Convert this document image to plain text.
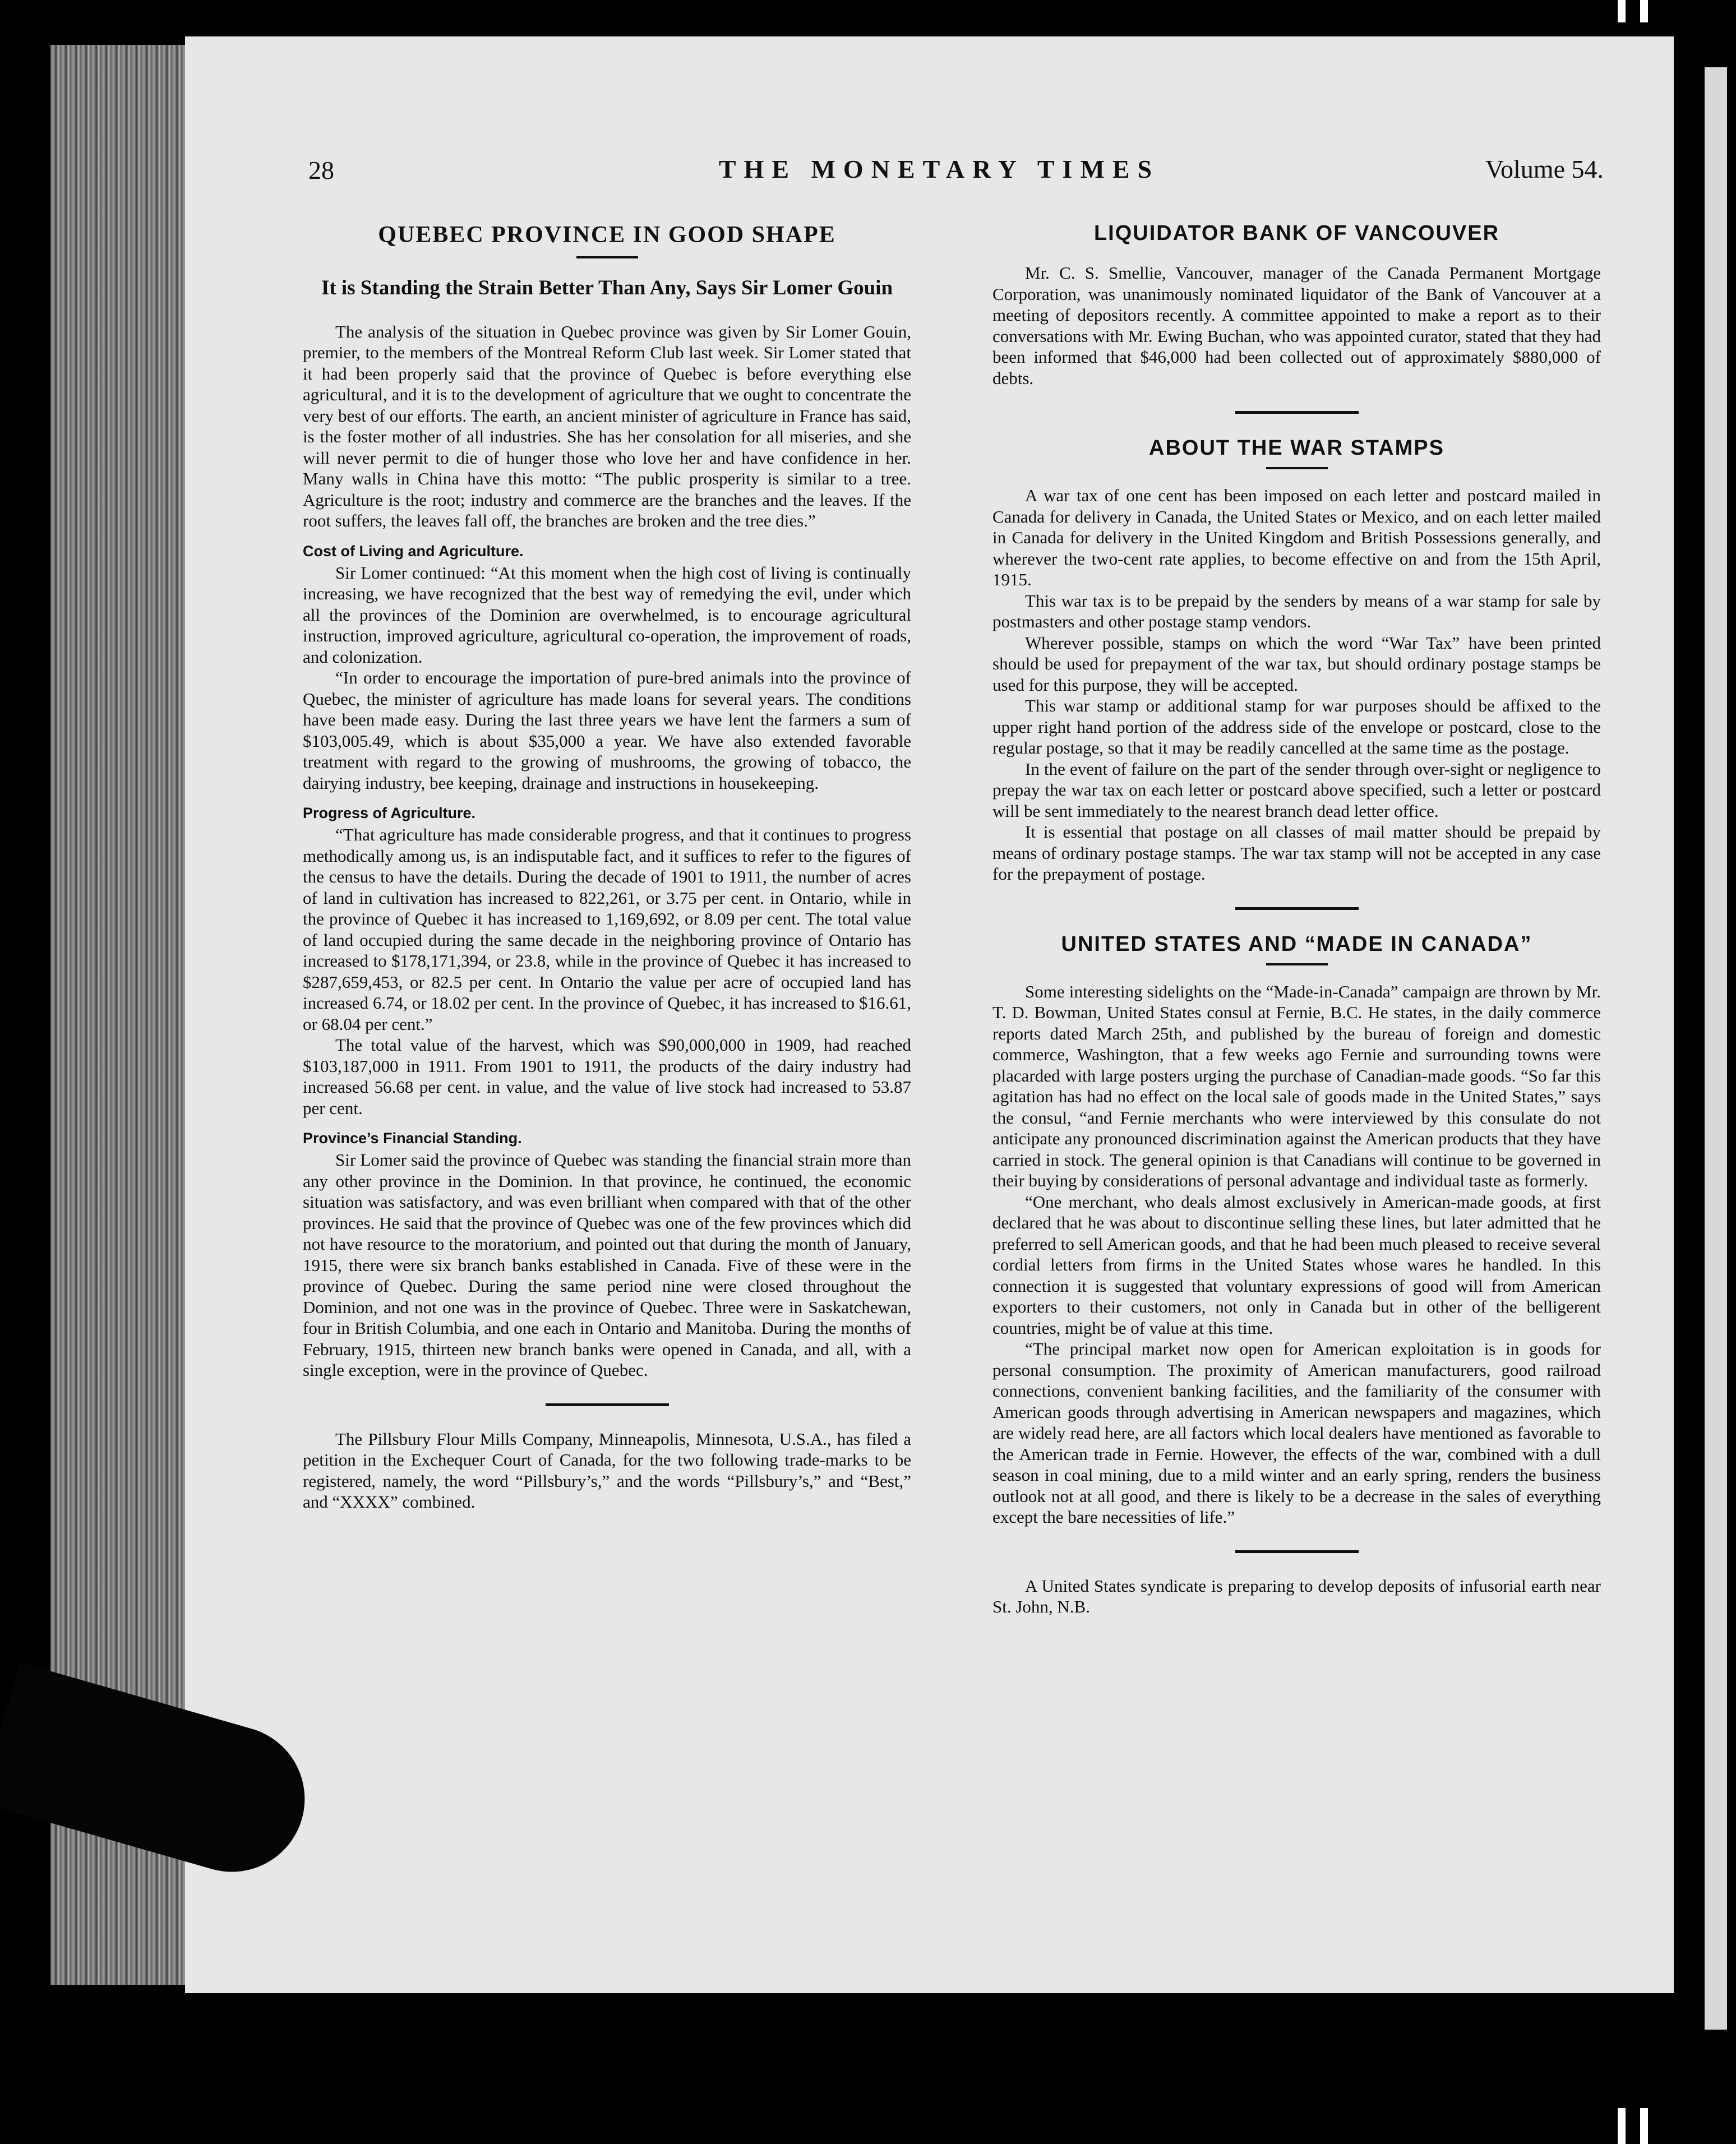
28	THE MONETARY TIMES	Volume 54.
QUEBEC PROVINCE IN GOOD SHAPE
It is Standing the Strain Better Than Any, Says Sir Lomer Gouin

The analysis of the situation in Quebec province was given by Sir Lomer Gouin, premier, to the members of the Montreal Reform Club last week. Sir Lomer stated that it had been properly said that the province of Quebec is before everything else agricultural, and it is to the development of agriculture that we ought to concentrate the very best of our efforts. The earth, an ancient minister of agriculture in France has said, is the foster mother of all industries. She has her consolation for all miseries, and she will never permit to die of hunger those who love her and have confidence in her. Many walls in China have this motto: “The public prosperity is similar to a tree. Agriculture is the root; industry and commerce are the branches and the leaves. If the root suffers, the leaves fall off, the branches are broken and the tree dies.”

Cost of Living and Agriculture.

Sir Lomer continued: “At this moment when the high cost of living is continually increasing, we have recognized that the best way of remedying the evil, under which all the provinces of the Dominion are overwhelmed, is to encourage agricultural instruction, improved agriculture, agricultural co-operation, the improvement of roads, and colonization.

“In order to encourage the importation of pure-bred animals into the province of Quebec, the minister of agriculture has made loans for several years. The conditions have been made easy. During the last three years we have lent the farmers a sum of $103,005.49, which is about $35,000 a year. We have also extended favorable treatment with regard to the growing of mushrooms, the growing of tobacco, the dairying industry, bee keeping, drainage and instructions in housekeeping.

Progress of Agriculture.

“That agriculture has made considerable progress, and that it continues to progress methodically among us, is an indisputable fact, and it suffices to refer to the figures of the census to have the details. During the decade of 1901 to 1911, the number of acres of land in cultivation has increased to 822,261, or 3.75 per cent. in Ontario, while in the province of Quebec it has increased to 1,169,692, or 8.09 per cent. The total value of land occupied during the same decade in the neighboring province of Ontario has increased to $178,171,394, or 23.8, while in the province of Quebec it has increased to $287,659,453, or 82.5 per cent. In Ontario the value per acre of occupied land has increased 6.74, or 18.02 per cent. In the province of Quebec, it has increased to $16.61, or 68.04 per cent.”

The total value of the harvest, which was $90,000,000 in 1909, had reached $103,187,000 in 1911. From 1901 to 1911, the products of the dairy industry had increased 56.68 per cent. in value, and the value of live stock had increased to 53.87 per cent.

Province’s Financial Standing.

Sir Lomer said the province of Quebec was standing the financial strain more than any other province in the Dominion. In that province, he continued, the economic situation was satisfactory, and was even brilliant when compared with that of the other provinces. He said that the province of Quebec was one of the few provinces which did not have resource to the moratorium, and pointed out that during the month of January, 1915, there were six branch banks established in Canada. Five of these were in the province of Quebec. During the same period nine were closed throughout the Dominion, and not one was in the province of Quebec. Three were in Saskatchewan, four in British Columbia, and one each in Ontario and Manitoba. During the months of February, 1915, thirteen new branch banks were opened in Canada, and all, with a single exception, were in the province of Quebec.

The Pillsbury Flour Mills Company, Minneapolis, Minnesota, U.S.A., has filed a petition in the Exchequer Court of Canada, for the two following trade-marks to be registered, namely, the word “Pillsbury’s,” and the words “Pillsbury’s,” and “Best,” and “XXXX” combined.

LIQUIDATOR BANK OF VANCOUVER

Mr. C. S. Smellie, Vancouver, manager of the Canada Permanent Mortgage Corporation, was unanimously nominated liquidator of the Bank of Vancouver at a meeting of depositors recently. A committee appointed to make a report as to their conversations with Mr. Ewing Buchan, who was appointed curator, stated that they had been informed that $46,000 had been collected out of approximately $880,000 of debts.

ABOUT THE WAR STAMPS

A war tax of one cent has been imposed on each letter and postcard mailed in Canada for delivery in Canada, the United States or Mexico, and on each letter mailed in Canada for delivery in the United Kingdom and British Possessions generally, and wherever the two-cent rate applies, to become effective on and from the 15th April, 1915.

This war tax is to be prepaid by the senders by means of a war stamp for sale by postmasters and other postage stamp vendors.

Wherever possible, stamps on which the word “War Tax” have been printed should be used for prepayment of the war tax, but should ordinary postage stamps be used for this purpose, they will be accepted.

This war stamp or additional stamp for war purposes should be affixed to the upper right hand portion of the address side of the envelope or postcard, close to the regular postage, so that it may be readily cancelled at the same time as the postage.

In the event of failure on the part of the sender through over-sight or negligence to prepay the war tax on each letter or postcard above specified, such a letter or postcard will be sent immediately to the nearest branch dead letter office.

It is essential that postage on all classes of mail matter should be prepaid by means of ordinary postage stamps. The war tax stamp will not be accepted in any case for the prepayment of postage.

UNITED STATES AND “MADE IN CANADA”

Some interesting sidelights on the “Made-in-Canada” campaign are thrown by Mr. T. D. Bowman, United States consul at Fernie, B.C. He states, in the daily commerce reports dated March 25th, and published by the bureau of foreign and domestic commerce, Washington, that a few weeks ago Fernie and surrounding towns were placarded with large posters urging the purchase of Canadian-made goods. “So far this agitation has had no effect on the local sale of goods made in the United States,” says the consul, “and Fernie merchants who were interviewed by this consulate do not anticipate any pronounced discrimination against the American products that they have carried in stock. The general opinion is that Canadians will continue to be governed in their buying by considerations of personal advantage and individual taste as formerly.

“One merchant, who deals almost exclusively in American-made goods, at first declared that he was about to discontinue selling these lines, but later admitted that he preferred to sell American goods, and that he had been much pleased to receive several cordial letters from firms in the United States whose wares he handled. In this connection it is suggested that voluntary expressions of good will from American exporters to their customers, not only in Canada but in other of the belligerent countries, might be of value at this time.

“The principal market now open for American exploitation is in goods for personal consumption. The proximity of American manufacturers, good railroad connections, convenient banking facilities, and the familiarity of the consumer with American goods through advertising in American newspapers and magazines, which are widely read here, are all factors which local dealers have mentioned as favorable to the American trade in Fernie. However, the effects of the war, combined with a dull season in coal mining, due to a mild winter and an early spring, renders the business outlook not at all good, and there is likely to be a decrease in the sales of everything except the bare necessities of life.”

A United States syndicate is preparing to develop deposits of infusorial earth near St. John, N.B.
